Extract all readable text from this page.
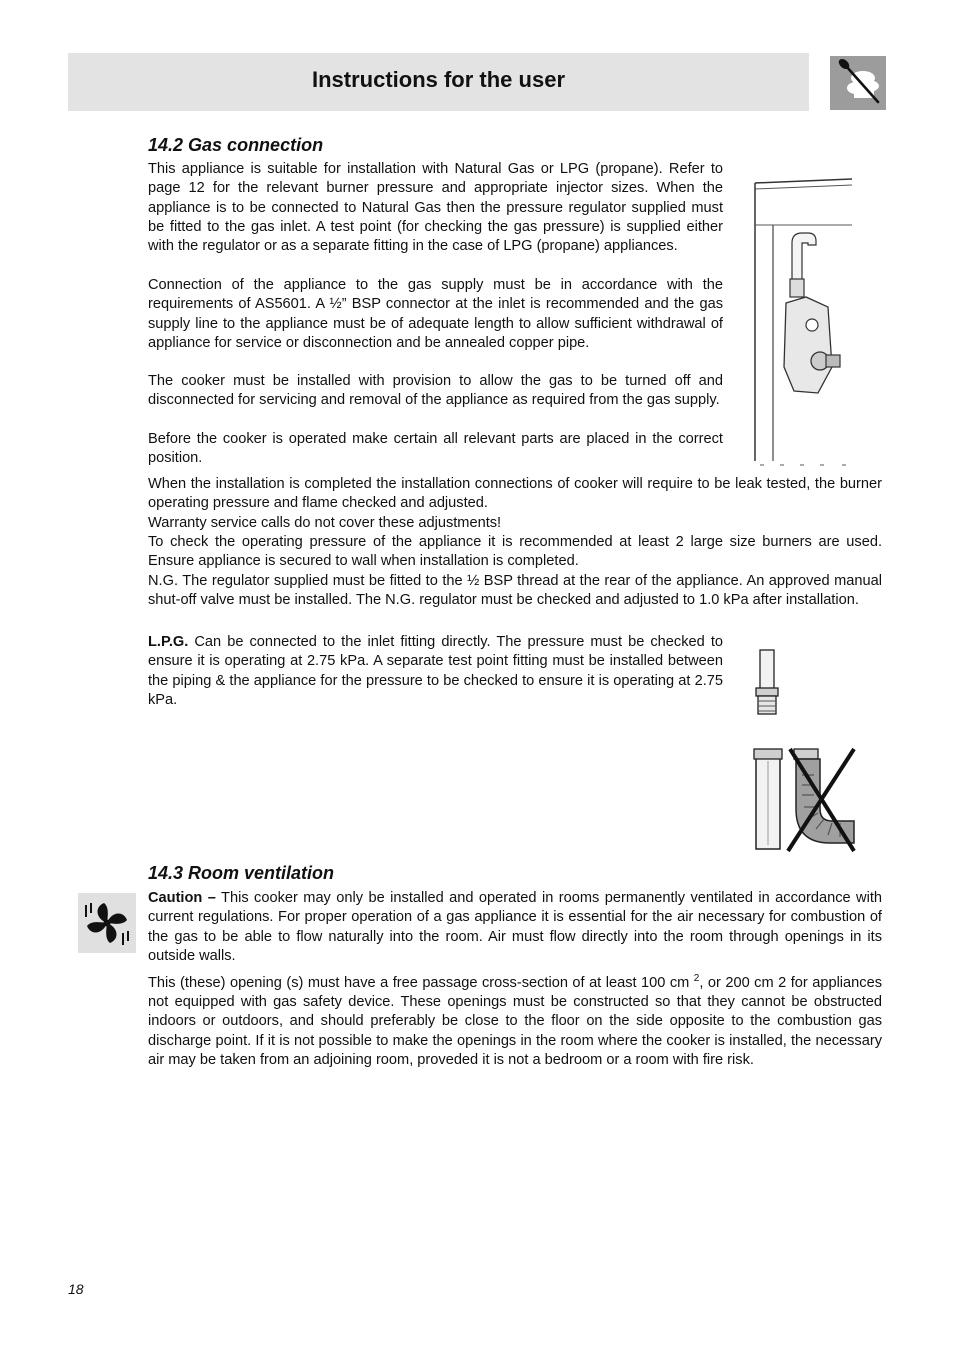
Instructions for the user
14.2 Gas connection

This appliance is suitable for installation with Natural Gas or LPG (propane). Refer to page 12 for the relevant burner pressure and appropriate injector sizes. When the appliance is to be connected to Natural Gas then the pressure regulator supplied must be fitted to the gas inlet. A test point (for checking the gas pressure) is supplied either with the regulator or as a separate fitting in the case of LPG (propane) appliances.

Connection of the appliance to the gas supply must be in accordance with the requirements of AS5601. A ½” BSP connector at the inlet is recommended and the gas supply line to the appliance must be of adequate length to allow sufficient withdrawal of appliance for service or disconnection and be annealed copper pipe.

The cooker must be installed with provision to allow the gas to be turned off and disconnected for servicing and removal of the appliance as required from the gas supply.

Before the cooker is operated make certain all relevant parts are placed in the correct position.

When the installation is completed the installation connections of cooker will require to be leak tested, the burner operating pressure and flame checked and adjusted.

Warranty service calls do not cover these adjustments!

To check the operating pressure of the appliance it is recommended at least 2 large size burners are used. Ensure appliance is secured to wall when installation is completed.

N.G. The regulator supplied must be fitted to the ½ BSP thread at the rear of the appliance. An approved manual shut-off valve must be installed. The N.G. regulator must be checked and adjusted to 1.0 kPa after installation.

L.P.G. Can be connected to the inlet fitting directly. The pressure must be checked to ensure it is operating at 2.75 kPa. A separate test point fitting must be installed between the piping & the appliance for the pressure to be checked to ensure it is operating at 2.75 kPa.

14.3 Room ventilation

Caution – This cooker may only be installed and operated in rooms permanently ventilated in accordance with current regulations. For proper operation of a gas appliance it is essential for the air necessary for combustion of the gas to be able to flow naturally into the room. Air must flow directly into the room through openings in its outside walls.

This (these) opening (s) must have a free passage cross-section of at least 100 cm $^2$, or 200 cm 2 for appliances not equipped with gas safety device. These openings must be constructed so that they cannot be obstructed indoors or outdoors, and should preferably be close to the floor on the side opposite to the combustion gas discharge point. If it is not possible to make the openings in the room where the cooker is installed, the necessary air may be taken from an adjoining room, proveded it is not a bedroom or a room with fire risk.

18
